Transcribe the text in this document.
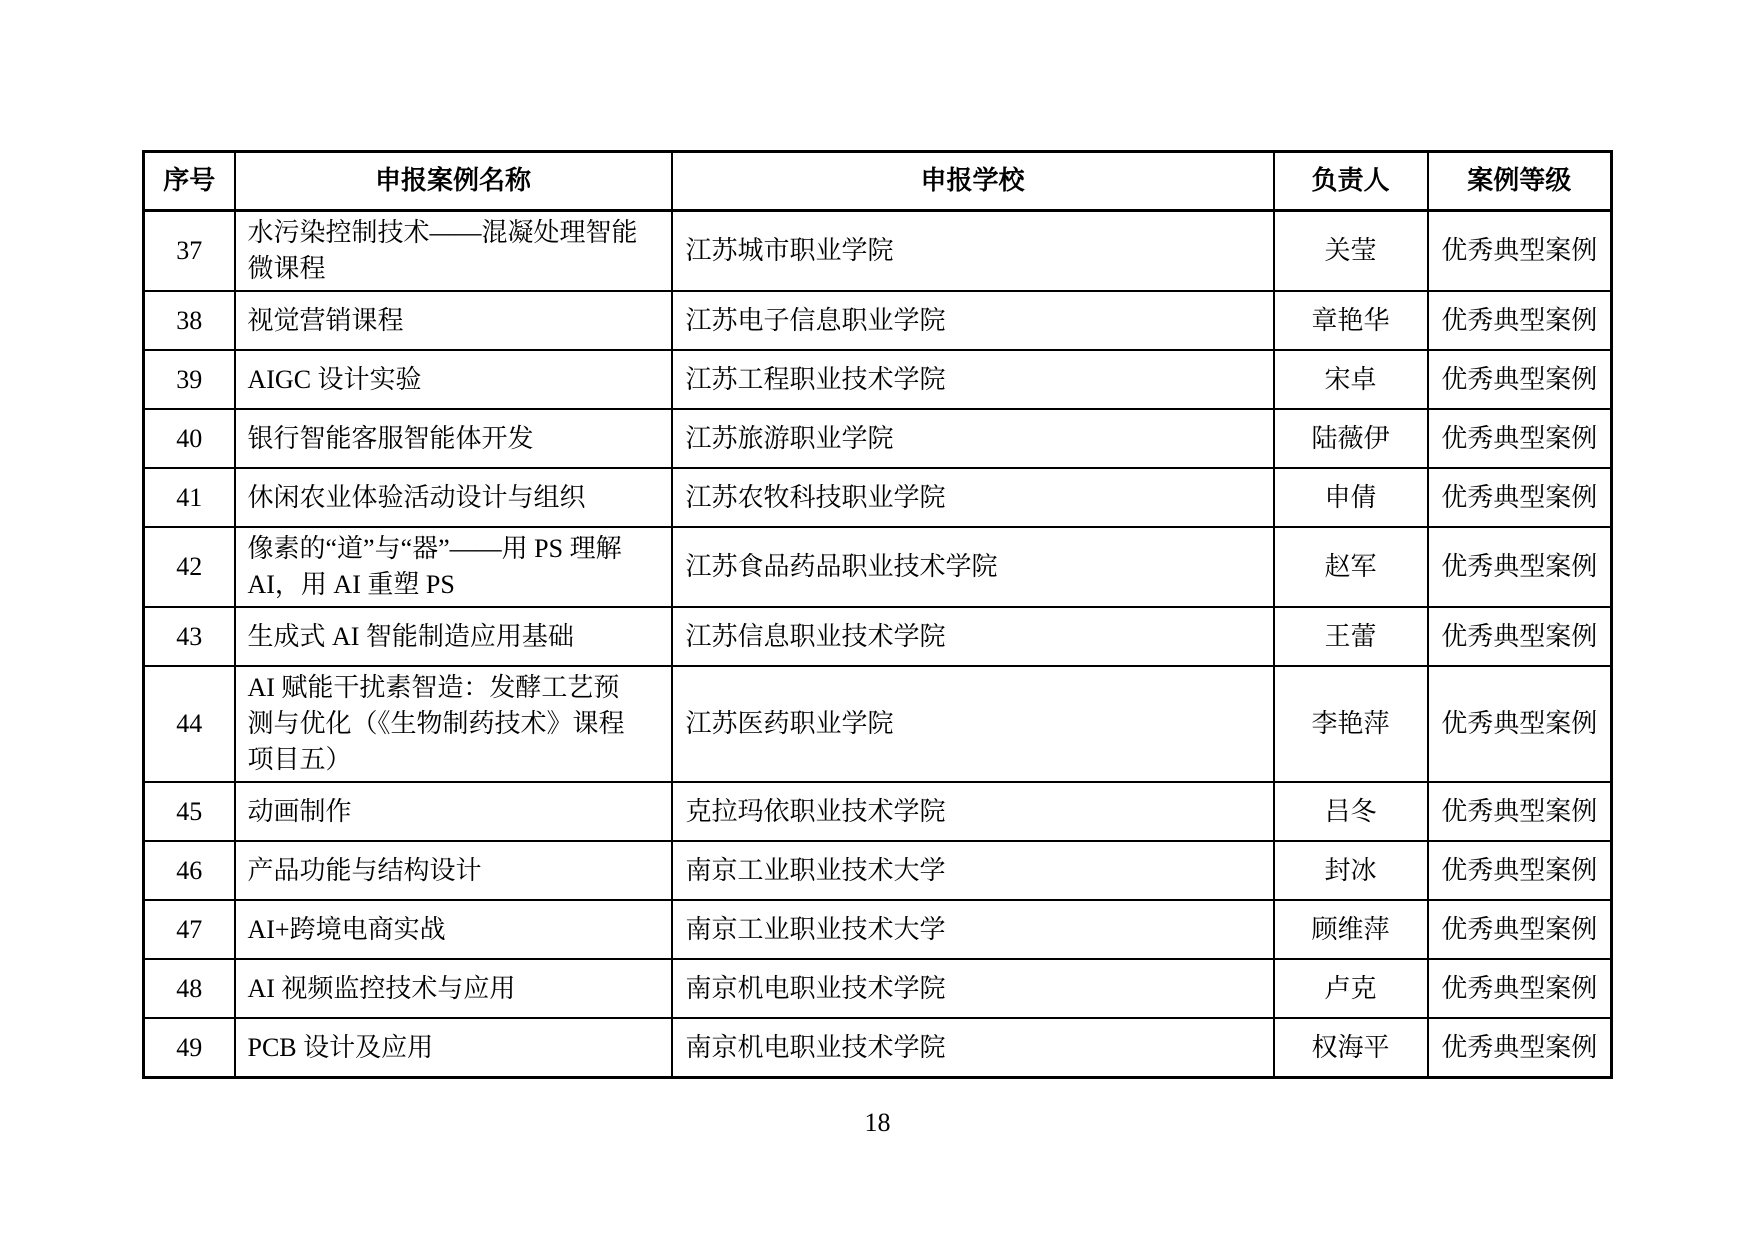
序号	申报案例名称	申报学校	负责人	案例等级
37	水污染控制技术——混凝处理智能微课程	江苏城市职业学院	关莹	优秀典型案例
38	视觉营销课程	江苏电子信息职业学院	章艳华	优秀典型案例
39	AIGC 设计实验	江苏工程职业技术学院	宋卓	优秀典型案例
40	银行智能客服智能体开发	江苏旅游职业学院	陆薇伊	优秀典型案例
41	休闲农业体验活动设计与组织	江苏农牧科技职业学院	申倩	优秀典型案例
42	像素的“道”与“器”——用 PS 理解 AI，用 AI 重塑 PS	江苏食品药品职业技术学院	赵军	优秀典型案例
43	生成式 AI 智能制造应用基础	江苏信息职业技术学院	王蕾	优秀典型案例
44	AI 赋能干扰素智造：发酵工艺预测与优化（《生物制药技术》课程项目五）	江苏医药职业学院	李艳萍	优秀典型案例
45	动画制作	克拉玛依职业技术学院	吕冬	优秀典型案例
46	产品功能与结构设计	南京工业职业技术大学	封冰	优秀典型案例
47	AI+跨境电商实战	南京工业职业技术大学	顾维萍	优秀典型案例
48	AI 视频监控技术与应用	南京机电职业技术学院	卢克	优秀典型案例
49	PCB 设计及应用	南京机电职业技术学院	权海平	优秀典型案例
18
